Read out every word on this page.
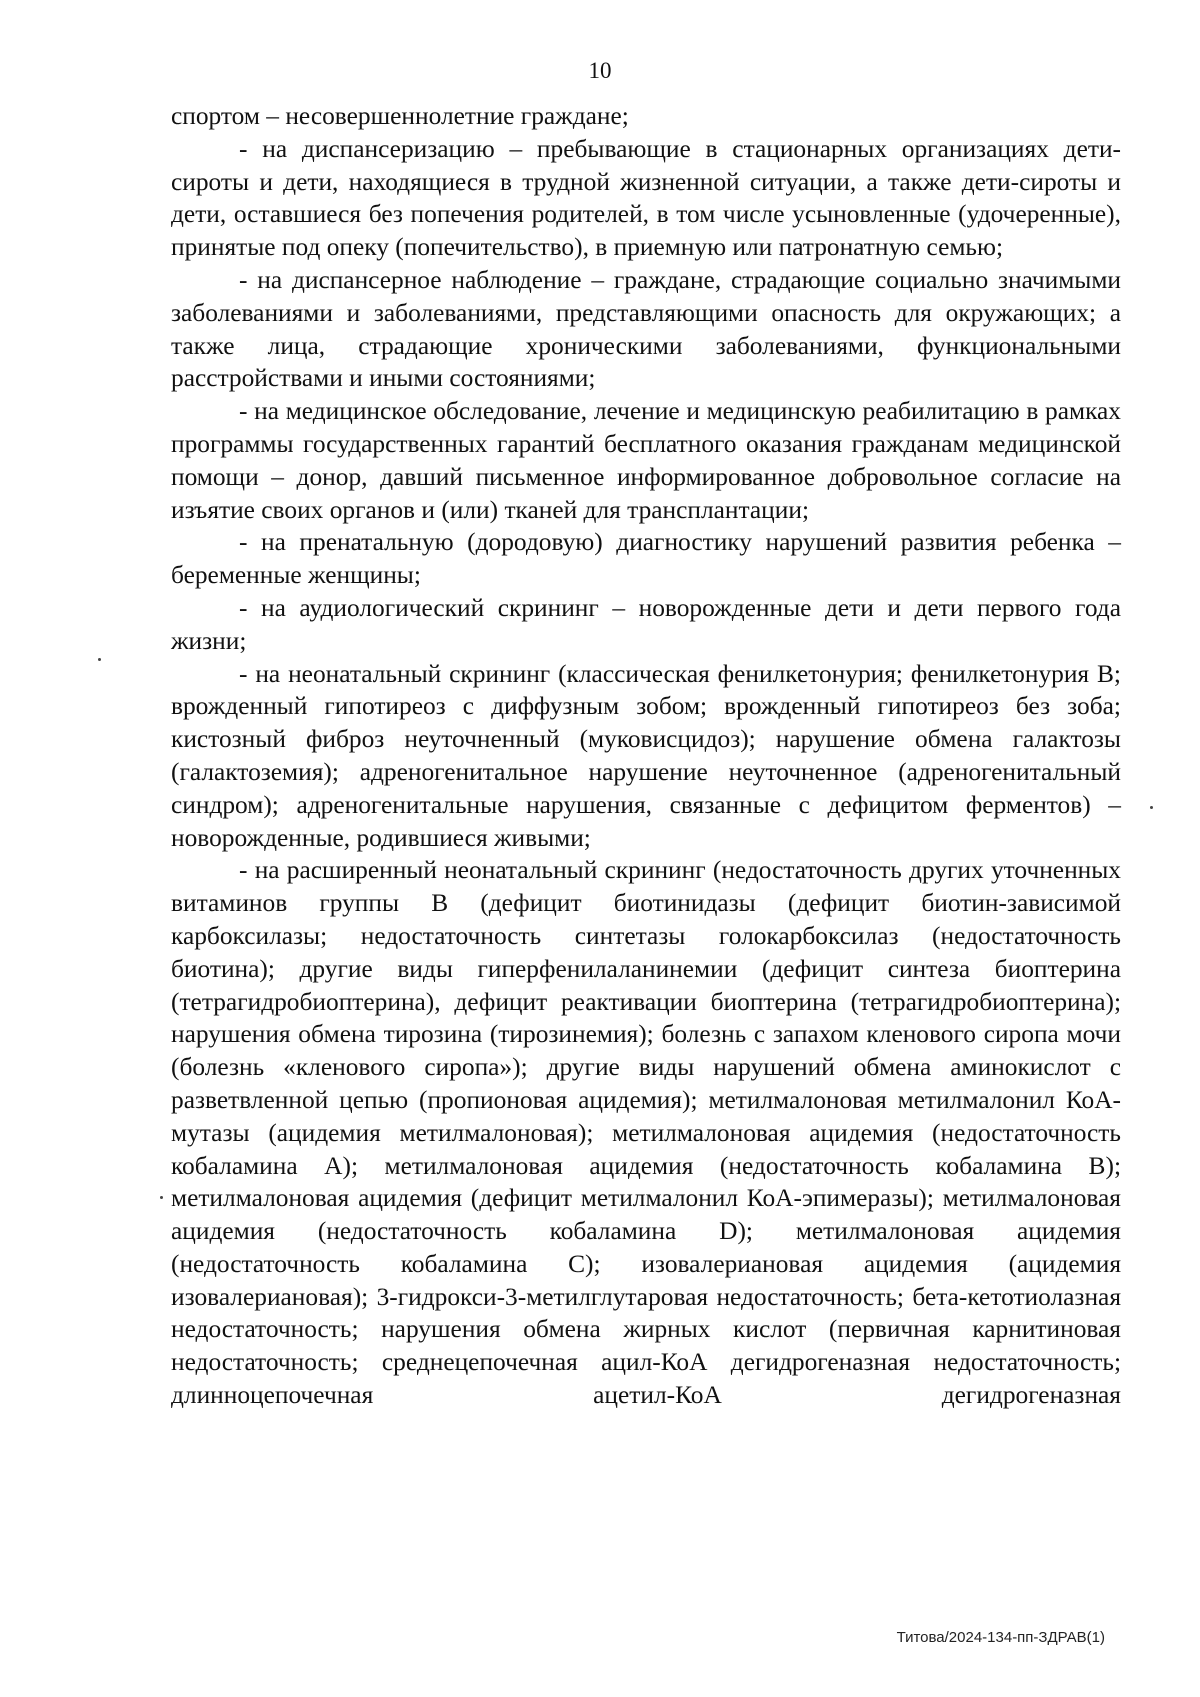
10

спортом – несовершеннолетние граждане;

- на диспансеризацию – пребывающие в стационарных организациях дети-сироты и дети, находящиеся в трудной жизненной ситуации, а также дети-сироты и дети, оставшиеся без попечения родителей, в том числе усыновленные (удочеренные), принятые под опеку (попечительство), в приемную или патронатную семью;

- на диспансерное наблюдение – граждане, страдающие социально значимыми заболеваниями и заболеваниями, представляющими опасность для окружающих; а также лица, страдающие хроническими заболеваниями, функциональными расстройствами и иными состояниями;

- на медицинское обследование, лечение и медицинскую реабилитацию в рамках программы государственных гарантий бесплатного оказания гражданам медицинской помощи – донор, давший письменное информированное добровольное согласие на изъятие своих органов и (или) тканей для трансплантации;

- на пренатальную (дородовую) диагностику нарушений развития ребенка – беременные женщины;

- на аудиологический скрининг – новорожденные дети и дети первого года жизни;

- на неонатальный скрининг (классическая фенилкетонурия; фенилкетонурия B; врожденный гипотиреоз с диффузным зобом; врожденный гипотиреоз без зоба; кистозный фиброз неуточненный (муковисцидоз); нарушение обмена галактозы (галактоземия); адреногенитальное нарушение неуточненное (адреногенитальный синдром); адреногенитальные нарушения, связанные с дефицитом ферментов) – новорожденные, родившиеся живыми;

- на расширенный неонатальный скрининг (недостаточность других уточненных витаминов группы B (дефицит биотинидазы (дефицит биотин-зависимой карбоксилазы; недостаточность синтетазы голокарбоксилаз (недостаточность биотина); другие виды гиперфенилаланинемии (дефицит синтеза биоптерина (тетрагидробиоптерина), дефицит реактивации биоптерина (тетрагидробиоптерина); нарушения обмена тирозина (тирозинемия); болезнь с запахом кленового сиропа мочи (болезнь «кленового сиропа»); другие виды нарушений обмена аминокислот с разветвленной цепью (пропионовая ацидемия); метилмалоновая метилмалонил КоА-мутазы (ацидемия метилмалоновая); метилмалоновая ацидемия (недостаточность кобаламина A); метилмалоновая ацидемия (недостаточность кобаламина B); метилмалоновая ацидемия (дефицит метилмалонил КоА-эпимеразы); метилмалоновая ацидемия (недостаточность кобаламина D); метилмалоновая ацидемия (недостаточность кобаламина C); изовалериановая ацидемия (ацидемия изовалериановая); 3-гидрокси-3-метилглутаровая недостаточность; бета-кетотиолазная недостаточность; нарушения обмена жирных кислот (первичная карнитиновая недостаточность; среднецепочечная ацил-КоА дегидрогеназная недостаточность; длинноцепочечная ацетил-КоА дегидрогеназная

Титова/2024-134-пп-ЗДРАВ(1)
